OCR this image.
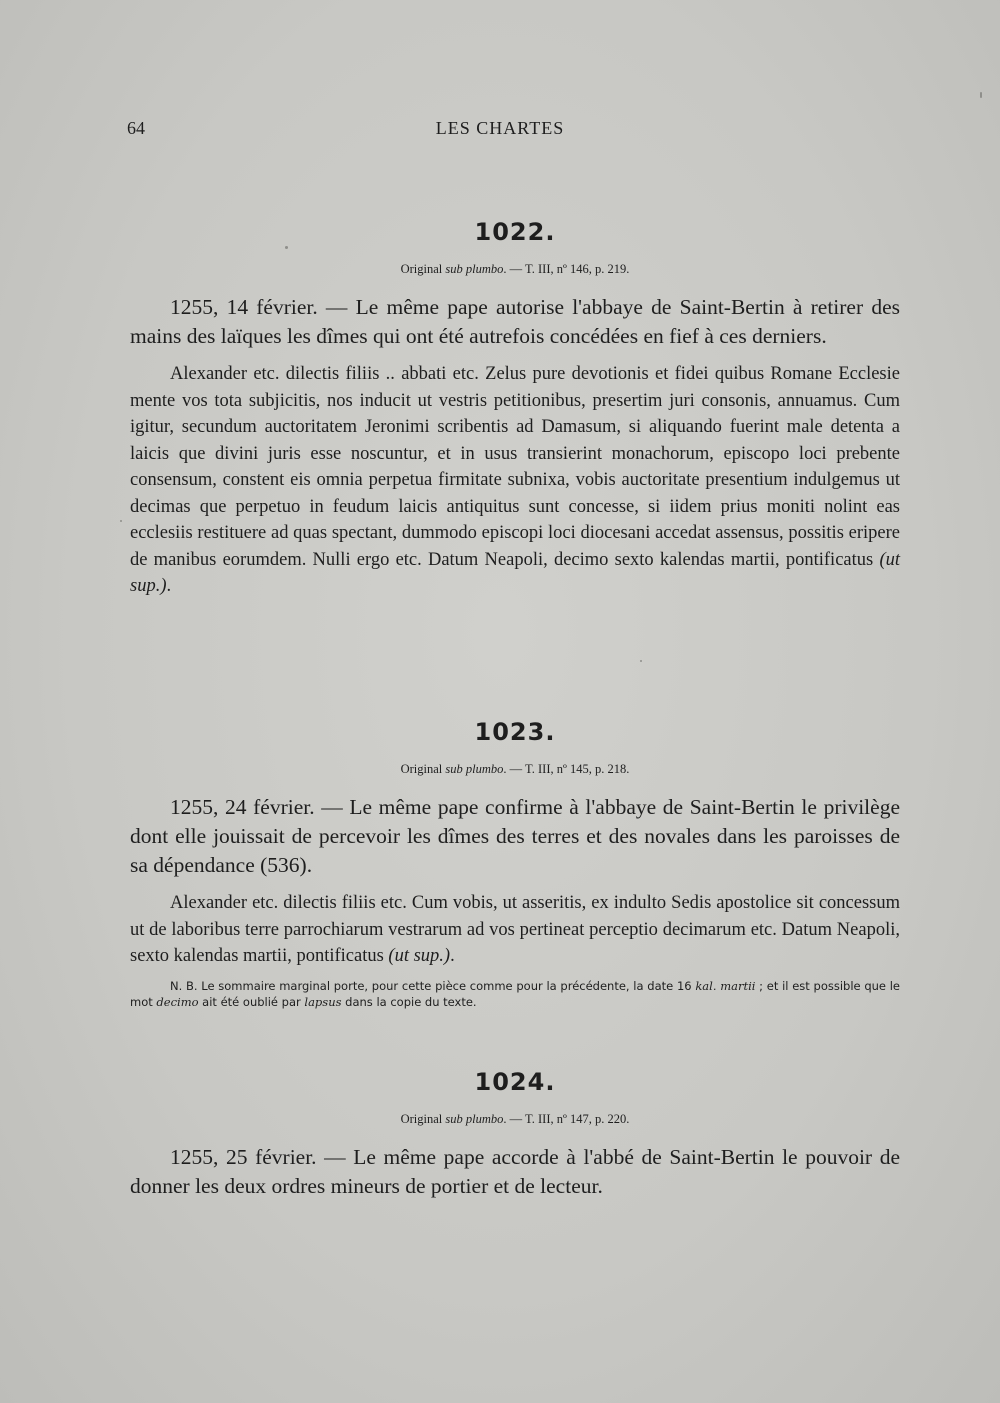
64	LES CHARTES
1022.
Original sub plumbo. — T. III, nº 146, p. 219.

1255, 14 février. — Le même pape autorise l'abbaye de Saint-Bertin à retirer des mains des laïques les dîmes qui ont été autrefois concédées en fief à ces derniers.

Alexander etc. dilectis filiis .. abbati etc. Zelus pure devotionis et fidei quibus Romane Ecclesie mente vos tota subjicitis, nos inducit ut vestris petitionibus, presertim juri consonis, annuamus. Cum igitur, secundum auctoritatem Jeronimi scribentis ad Damasum, si aliquando fuerint male detenta a laicis que divini juris esse noscuntur, et in usus transierint monachorum, episcopo loci prebente consensum, constent eis omnia perpetua firmitate subnixa, vobis auctoritate presentium indulgemus ut decimas que perpetuo in feudum laicis antiquitus sunt concesse, si iidem prius moniti nolint eas ecclesiis restituere ad quas spectant, dummodo episcopi loci diocesani accedat assensus, possitis eripere de manibus eorumdem. Nulli ergo etc. Datum Neapoli, decimo sexto kalendas martii, pontificatus (ut sup.).

1023.
Original sub plumbo. — T. III, nº 145, p. 218.

1255, 24 février. — Le même pape confirme à l'abbaye de Saint-Bertin le privilège dont elle jouissait de percevoir les dîmes des terres et des novales dans les paroisses de sa dépendance (536).

Alexander etc. dilectis filiis etc. Cum vobis, ut asseritis, ex indulto Sedis apostolice sit concessum ut de laboribus terre parrochiarum vestrarum ad vos pertineat perceptio decimarum etc. Datum Neapoli, sexto kalendas martii, pontificatus (ut sup.).

N. B. Le sommaire marginal porte, pour cette pièce comme pour la précédente, la date 16 kal. martii ; et il est possible que le mot decimo ait été oublié par lapsus dans la copie du texte.

1024.
Original sub plumbo. — T. III, nº 147, p. 220.

1255, 25 février. — Le même pape accorde à l'abbé de Saint-Bertin le pouvoir de donner les deux ordres mineurs de portier et de lecteur.
